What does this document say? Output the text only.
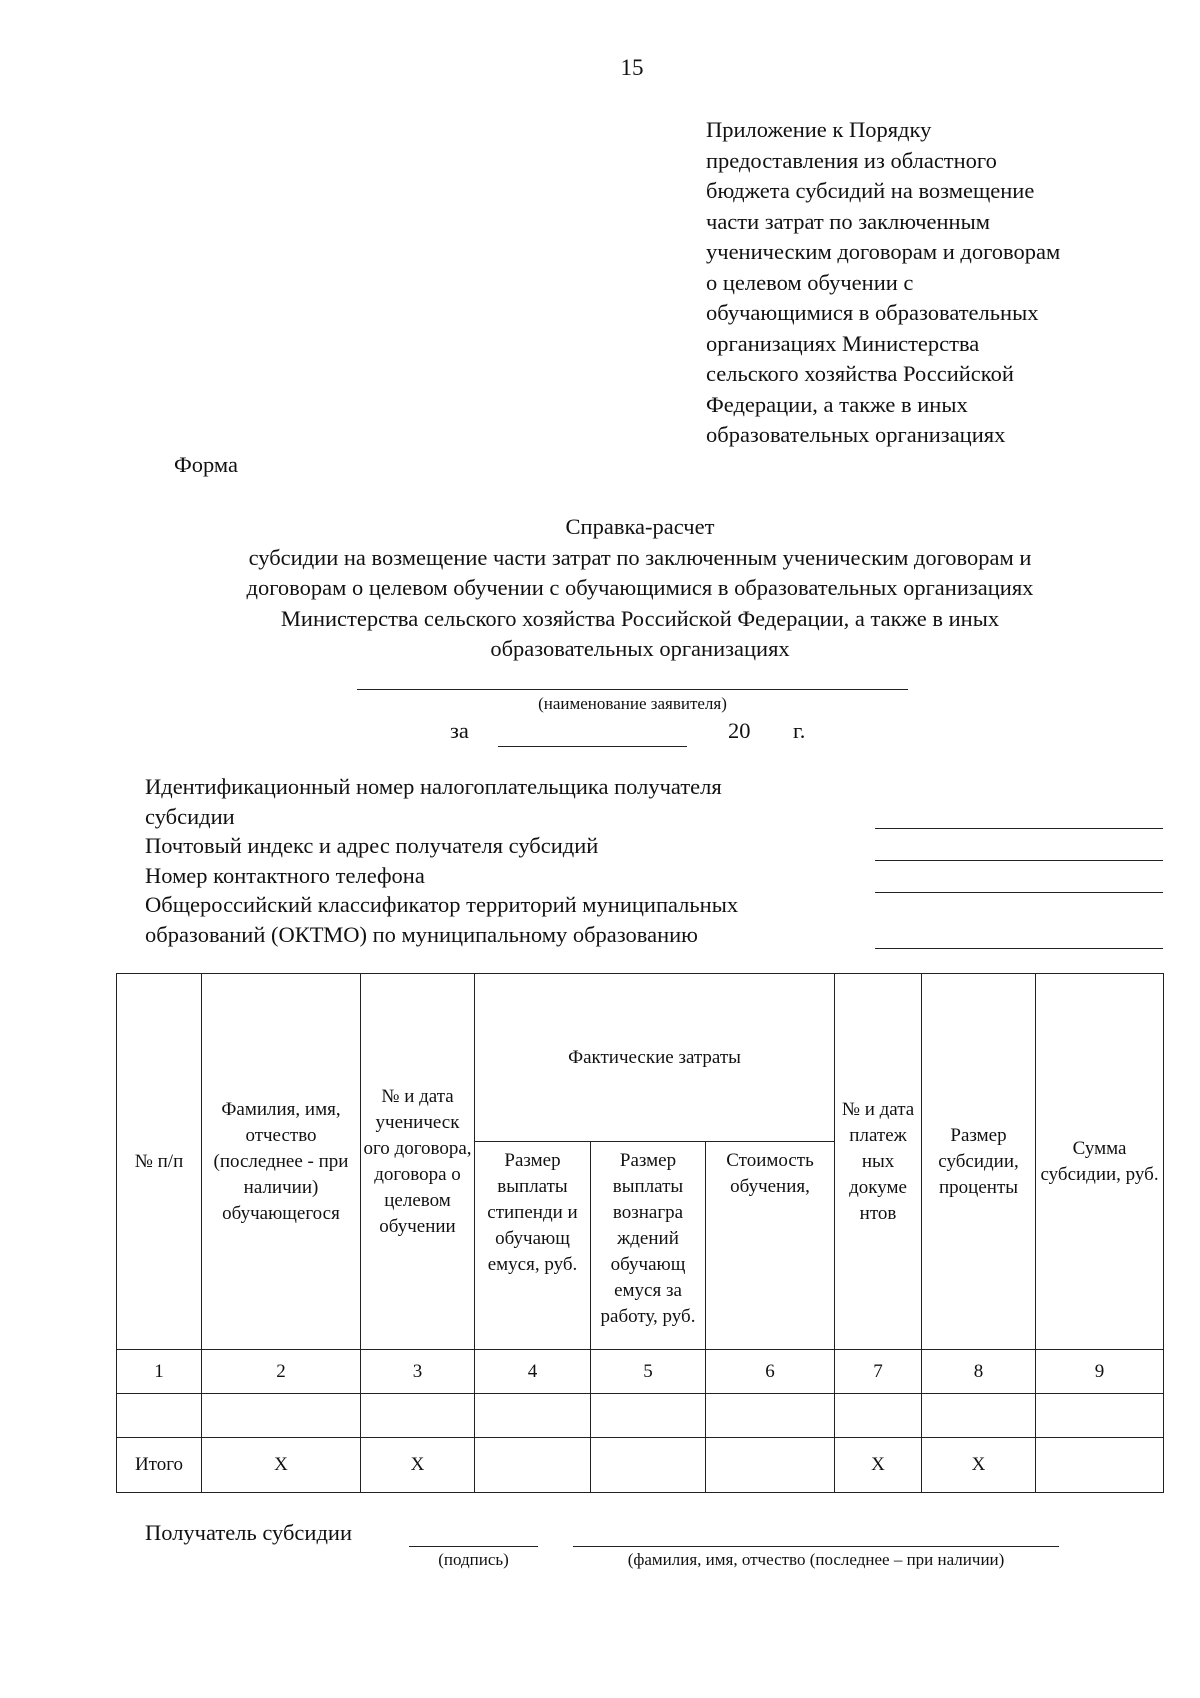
15
Приложение к Порядку
предоставления из областного
бюджета субсидий на возмещение
части затрат по заключенным
ученическим договорам и договорам
о целевом обучении с
обучающимися в образовательных
организациях Министерства
сельского хозяйства Российской
Федерации, а также в иных
образовательных организациях
Форма
Справка-расчет
субсидии на возмещение части затрат по заключенным ученическим договорам и
договорам о целевом обучении с обучающимися в образовательных организациях
Министерства сельского хозяйства Российской Федерации, а также в иных
образовательных организациях
(наименование заявителя)
за	20 г.
Идентификационный номер налогоплательщика получателя
субсидии
Почтовый индекс и адрес получателя субсидий
Номер контактного телефона
Общероссийский классификатор территорий муниципальных
образований (ОКТМО) по муниципальному образованию
№ п/п	Фамилия, имя, отчество (последнее - при наличии) обучающегося	№ и дата ученическ ого договора, договора о целевом обучении	Фактические затраты			№ и дата платеж ных докуме нтов	Размер субсидии, проценты	Сумма субсидии, руб.
			Размер выплаты стипенди и обучающ емуся, руб.	Размер выплаты вознагра ждений обучающ емуся за работу, руб.	Стоимость обучения,			
1	2	3	4	5	6	7	8	9

Итого	X	X				X	X	
Получатель субсидии
(подпись)	(фамилия, имя, отчество (последнее – при наличии)
